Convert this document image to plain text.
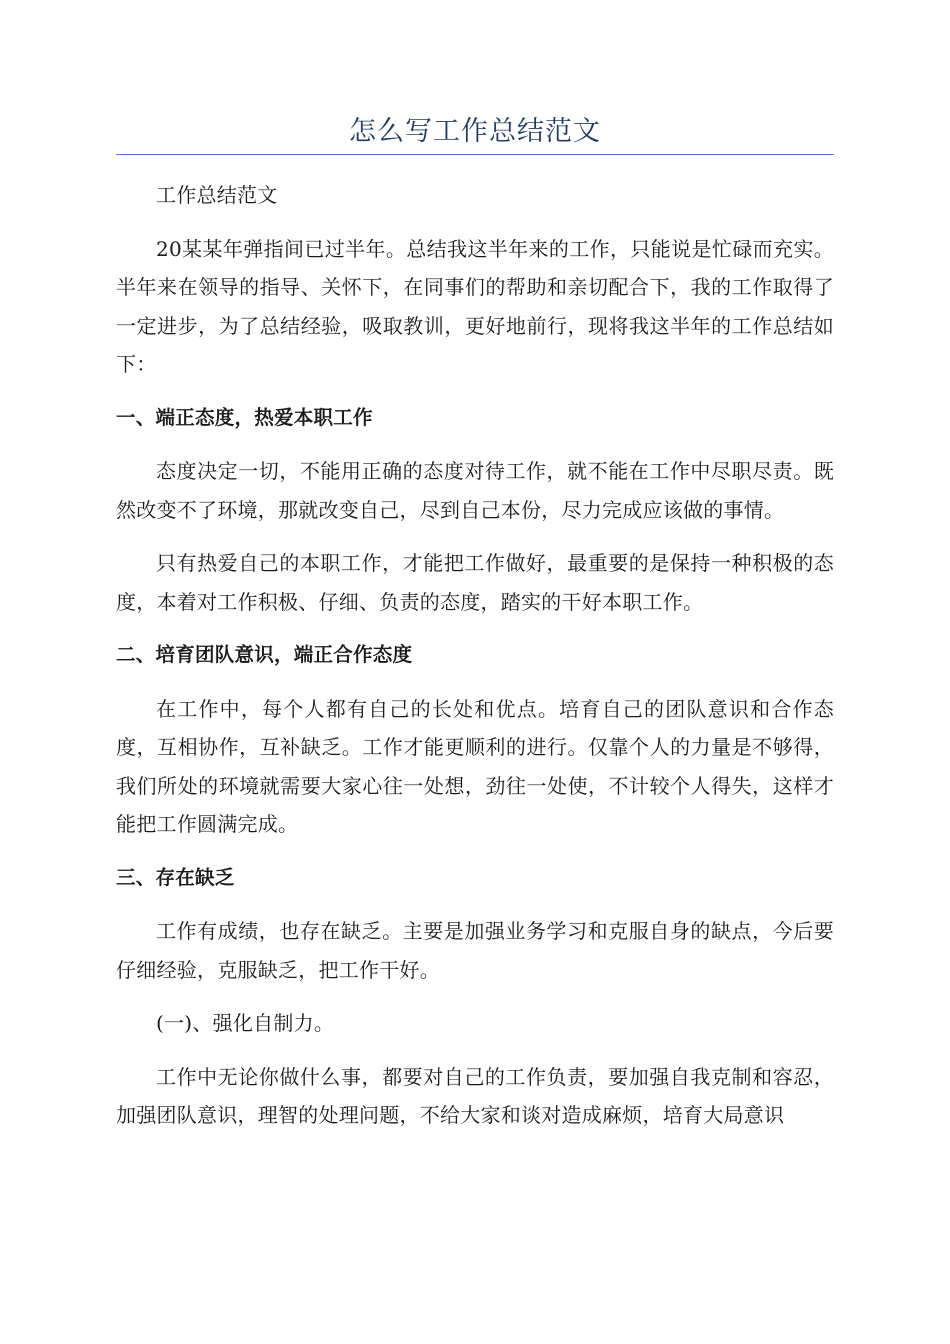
怎么写工作总结范文

工作总结范文

20某某年弹指间已过半年。总结我这半年来的工作，只能说是忙碌而充实。半年来在领导的指导、关怀下，在同事们的帮助和亲切配合下，我的工作取得了一定进步，为了总结经验，吸取教训，更好地前行，现将我这半年的工作总结如下：

一、端正态度，热爱本职工作

态度决定一切，不能用正确的态度对待工作，就不能在工作中尽职尽责。既然改变不了环境，那就改变自己，尽到自己本份，尽力完成应该做的事情。

只有热爱自己的本职工作，才能把工作做好，最重要的是保持一种积极的态度，本着对工作积极、仔细、负责的态度，踏实的干好本职工作。

二、培育团队意识，端正合作态度

在工作中，每个人都有自己的长处和优点。培育自己的团队意识和合作态度，互相协作，互补缺乏。工作才能更顺利的进行。仅靠个人的力量是不够得，我们所处的环境就需要大家心往一处想，劲往一处使，不计较个人得失，这样才能把工作圆满完成。

三、存在缺乏

工作有成绩，也存在缺乏。主要是加强业务学习和克服自身的缺点，今后要仔细经验，克服缺乏，把工作干好。

(一)、强化自制力。

工作中无论你做什么事，都要对自己的工作负责，要加强自我克制和容忍，加强团队意识，理智的处理问题，不给大家和谈对造成麻烦，培育大局意识
